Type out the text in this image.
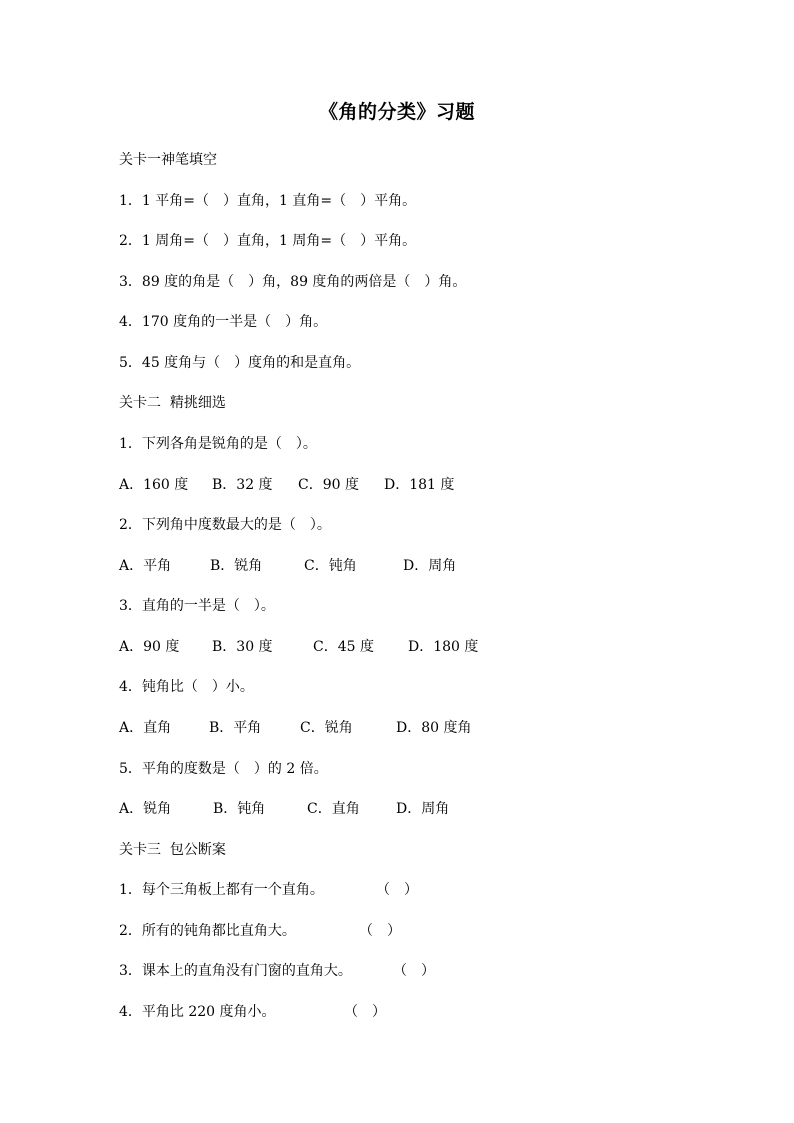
《角的分类》习题
关卡一神笔填空
1．1 平角=（　）直角，1 直角=（　）平角。
2．1 周角=（　）直角，1 周角=（　）平角。
3．89 度的角是（　）角，89 度角的两倍是（　）角。
4．170 度角的一半是（　）角。
5．45 度角与（　）度角的和是直角。
关卡二  精挑细选
1．下列各角是锐角的是（　）。
A．160 度 B．32 度 C．90 度 D．181 度
2．下列角中度数最大的是（　）。
A．平角	B．锐角	C．钝角	D．周角
3．直角的一半是（　）。
A．90 度 B．30 度	C．45 度 D．180 度
4．钝角比（　）小。
A．直角	B．平角	C．锐角	D．80 度角
5．平角的度数是（　）的 2 倍。
A．锐角	B．钝角	C．直角	D．周角
关卡三  包公断案
1．每个三角板上都有一个直角。	（　）
2．所有的钝角都比直角大。	（　）
3．课本上的直角没有门窗的直角大。	（　）
4．平角比 220 度角小。	（　）
